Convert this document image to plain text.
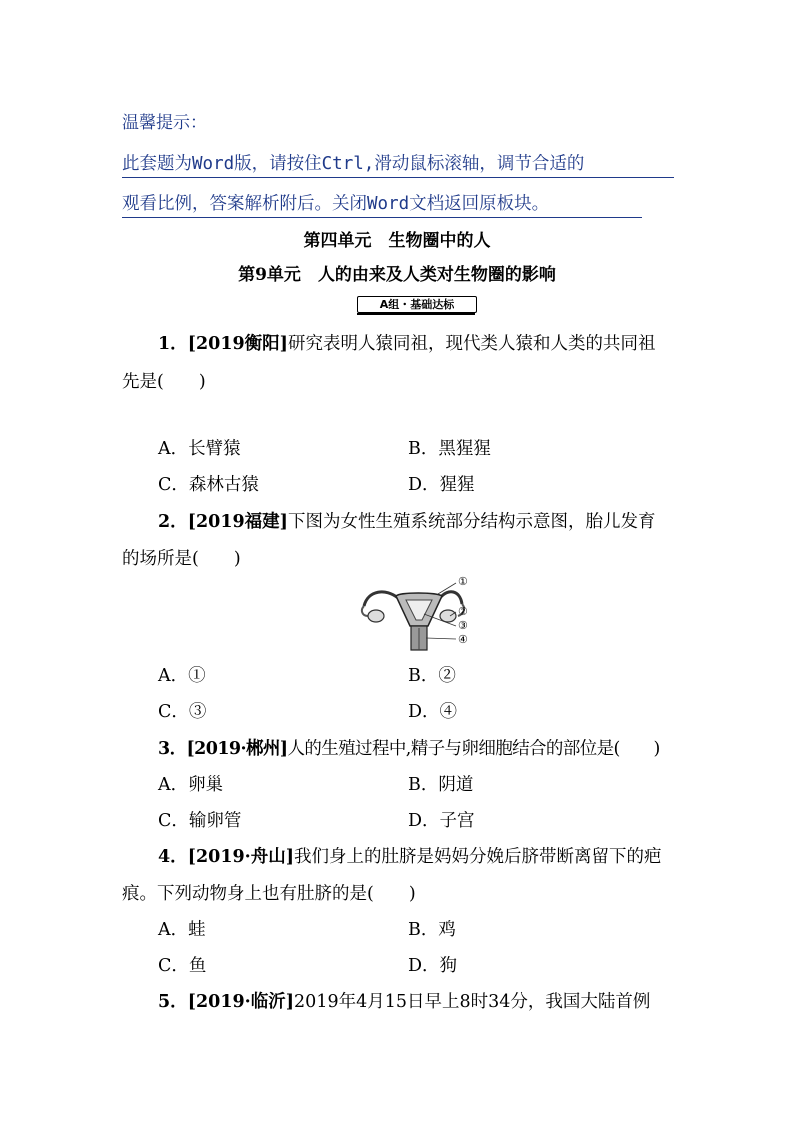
温馨提示：
此套题为Word版，请按住Ctrl,滑动鼠标滚轴，调节合适的
观看比例，答案解析附后。关闭Word文档返回原板块。
第四单元　生物圈中的人
第9单元　人的由来及人类对生物圈的影响
A组・基础达标
1．[2019衡阳]研究表明人猿同祖，现代类人猿和人类的共同祖
先是(　　)
A．长臂猿	B．黑猩猩
C．森林古猿	D．猩猩
2．[2019福建]下图为女性生殖系统部分结构示意图，胎儿发育
的场所是(　　)
①
②
③
④
A．①	B．②
C．③	D．④
3．[2019·郴州]人的生殖过程中,精子与卵细胞结合的部位是(　　)
A．卵巢	B．阴道
C．输卵管	D．子宫
4．[2019·舟山]我们身上的肚脐是妈妈分娩后脐带断离留下的疤
痕。下列动物身上也有肚脐的是(　　)
A．蛙	B．鸡
C．鱼	D．狗
5．[2019·临沂]2019年4月15日早上8时34分，我国大陆首例
